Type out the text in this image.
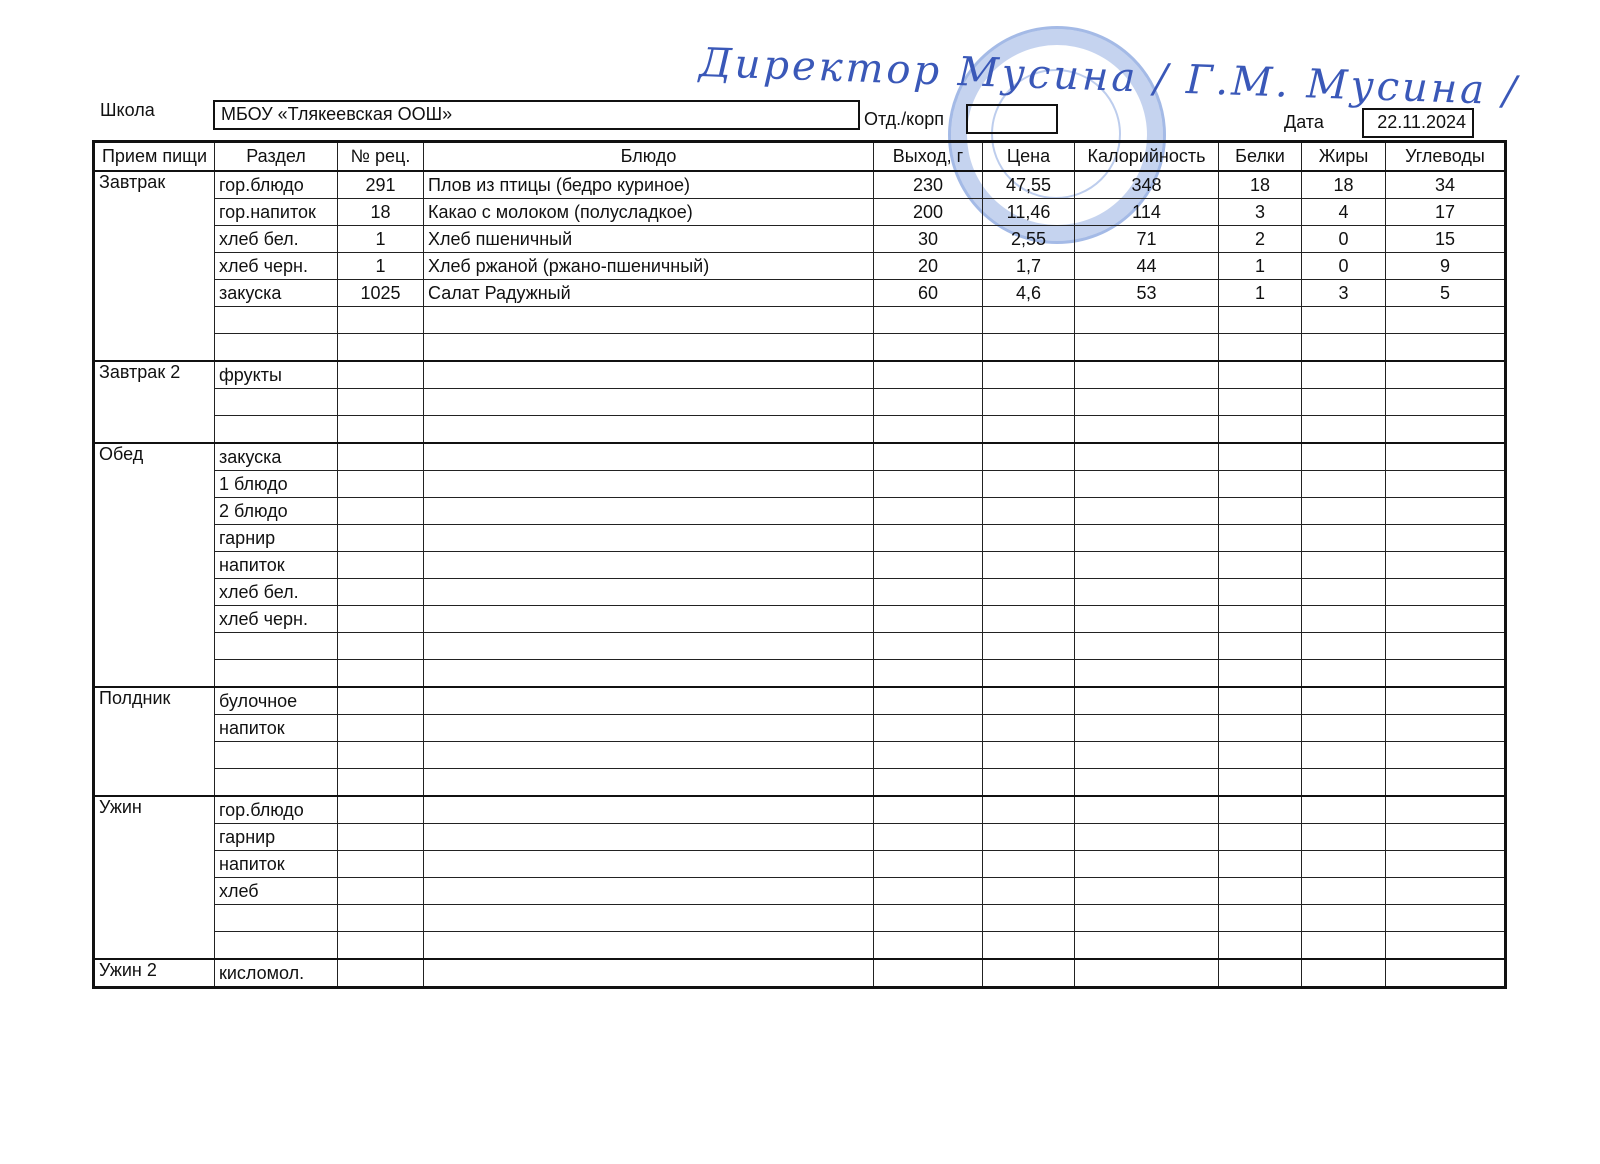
Директор Мусина / Г.М. Мусина /
Школа	МБОУ «Тлякеевская ООШ»	Отд./корп	Дата	22.11.2024
Прием пищи	Раздел	№ рец.	Блюдо	Выход, г	Цена	Калорийность	Белки	Жиры	Углеводы
Завтрак	гор.блюдо	291	Плов из птицы (бедро куриное)	230	47,55	348	18	18	34
	гор.напиток	18	Какао с молоком (полусладкое)	200	11,46	114	3	4	17
	хлеб бел.	1	Хлеб пшеничный	30	2,55	71	2	0	15
	хлеб черн.	1	Хлеб ржаной (ржано-пшеничный)	20	1,7	44	1	0	9
	закуска	1025	Салат Радужный	60	4,6	53	1	3	5

Завтрак 2	фрукты								

Обед	закуска								
	1 блюдо								
	2 блюдо								
	гарнир								
	напиток								
	хлеб бел.								
	хлеб черн.								

Полдник	булочное								
	напиток								

Ужин	гор.блюдо								
	гарнир								
	напиток								
	хлеб								

Ужин 2	кисломол.								
